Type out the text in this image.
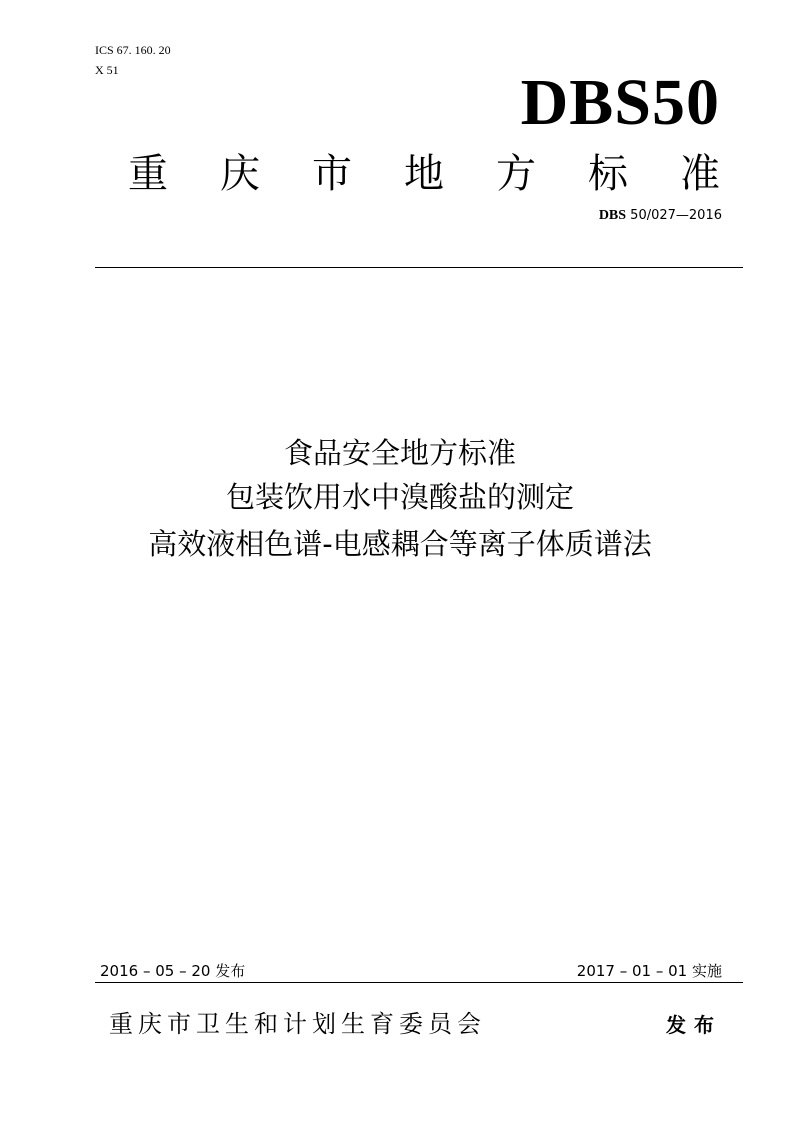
ICS 67. 160. 20
X 51	DBS50
重 庆 市 地 方 标 准
DBS 50/027—2016
食品安全地方标准
包装饮用水中溴酸盐的测定
高效液相色谱-电感耦合等离子体质谱法
2016 – 05 – 20 发布	2017 – 01 – 01 实施
重庆市卫生和计划生育委员会	发布
